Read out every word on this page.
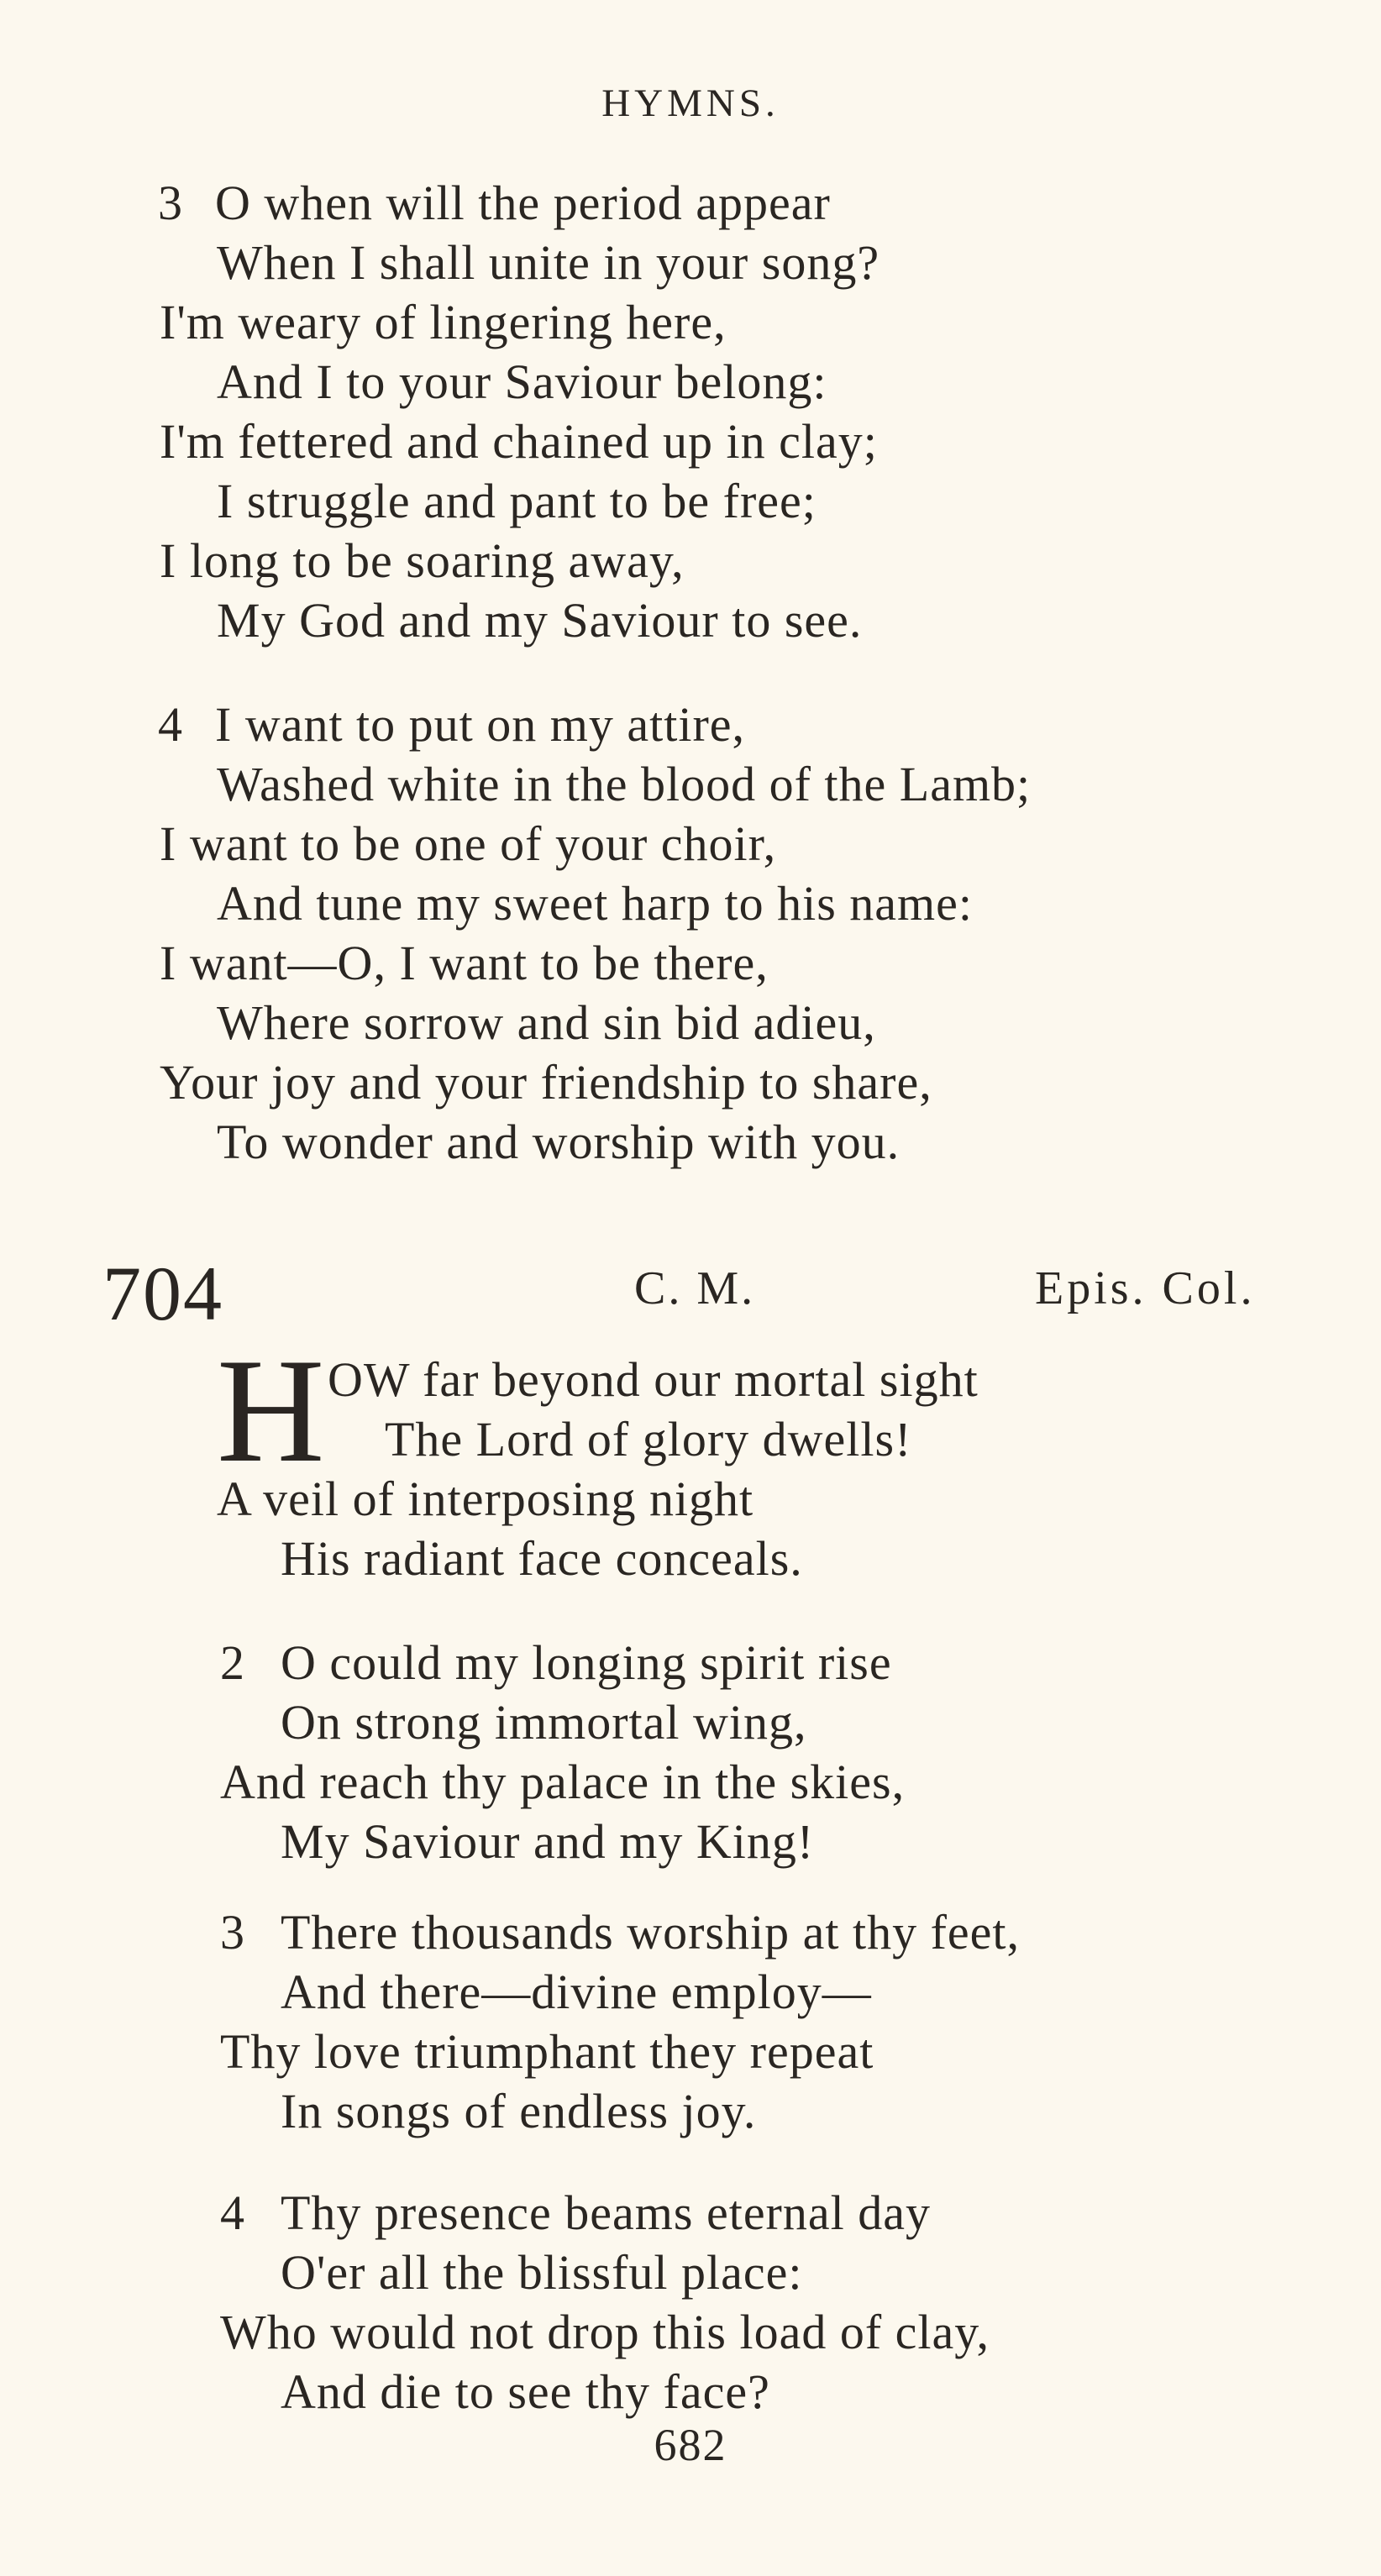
HYMNS.
3 O when will the period appear
When I shall unite in your song?
I'm weary of lingering here,
And I to your Saviour belong:
I'm fettered and chained up in clay;
I struggle and pant to be free;
I long to be soaring away,
My God and my Saviour to see.
4 I want to put on my attire,
Washed white in the blood of the Lamb;
I want to be one of your choir,
And tune my sweet harp to his name:
I want—O, I want to be there,
Where sorrow and sin bid adieu,
Your joy and your friendship to share,
To wonder and worship with you.
704	C. M.	Epis. Col.
H OW far beyond our mortal sight
The Lord of glory dwells!
A veil of interposing night
His radiant face conceals.
2 O could my longing spirit rise
On strong immortal wing,
And reach thy palace in the skies,
My Saviour and my King!
3 There thousands worship at thy feet,
And there—divine employ—
Thy love triumphant they repeat
In songs of endless joy.
4 Thy presence beams eternal day
O'er all the blissful place:
Who would not drop this load of clay,
And die to see thy face?
682
